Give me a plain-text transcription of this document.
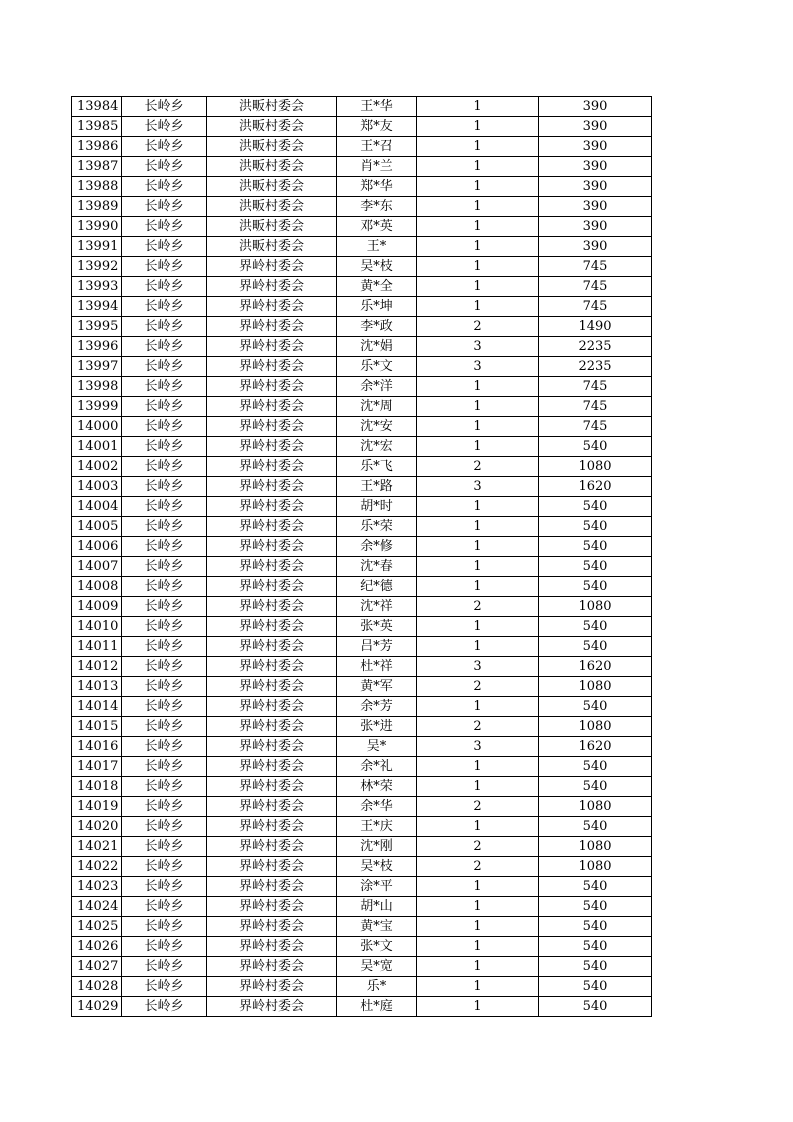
13984	长岭乡	洪畈村委会	王*华	1	390
13985	长岭乡	洪畈村委会	郑*友	1	390
13986	长岭乡	洪畈村委会	王*召	1	390
13987	长岭乡	洪畈村委会	肖*兰	1	390
13988	长岭乡	洪畈村委会	郑*华	1	390
13989	长岭乡	洪畈村委会	李*东	1	390
13990	长岭乡	洪畈村委会	邓*英	1	390
13991	长岭乡	洪畈村委会	王*	1	390
13992	长岭乡	界岭村委会	吴*枝	1	745
13993	长岭乡	界岭村委会	黄*全	1	745
13994	长岭乡	界岭村委会	乐*坤	1	745
13995	长岭乡	界岭村委会	李*政	2	1490
13996	长岭乡	界岭村委会	沈*娟	3	2235
13997	长岭乡	界岭村委会	乐*文	3	2235
13998	长岭乡	界岭村委会	余*洋	1	745
13999	长岭乡	界岭村委会	沈*周	1	745
14000	长岭乡	界岭村委会	沈*安	1	745
14001	长岭乡	界岭村委会	沈*宏	1	540
14002	长岭乡	界岭村委会	乐*飞	2	1080
14003	长岭乡	界岭村委会	王*路	3	1620
14004	长岭乡	界岭村委会	胡*时	1	540
14005	长岭乡	界岭村委会	乐*荣	1	540
14006	长岭乡	界岭村委会	余*修	1	540
14007	长岭乡	界岭村委会	沈*春	1	540
14008	长岭乡	界岭村委会	纪*德	1	540
14009	长岭乡	界岭村委会	沈*祥	2	1080
14010	长岭乡	界岭村委会	张*英	1	540
14011	长岭乡	界岭村委会	吕*芳	1	540
14012	长岭乡	界岭村委会	杜*祥	3	1620
14013	长岭乡	界岭村委会	黄*军	2	1080
14014	长岭乡	界岭村委会	余*芳	1	540
14015	长岭乡	界岭村委会	张*进	2	1080
14016	长岭乡	界岭村委会	吴*	3	1620
14017	长岭乡	界岭村委会	余*礼	1	540
14018	长岭乡	界岭村委会	林*荣	1	540
14019	长岭乡	界岭村委会	余*华	2	1080
14020	长岭乡	界岭村委会	王*庆	1	540
14021	长岭乡	界岭村委会	沈*刚	2	1080
14022	长岭乡	界岭村委会	吴*枝	2	1080
14023	长岭乡	界岭村委会	涂*平	1	540
14024	长岭乡	界岭村委会	胡*山	1	540
14025	长岭乡	界岭村委会	黄*宝	1	540
14026	长岭乡	界岭村委会	张*文	1	540
14027	长岭乡	界岭村委会	吴*宽	1	540
14028	长岭乡	界岭村委会	乐*	1	540
14029	长岭乡	界岭村委会	杜*庭	1	540
